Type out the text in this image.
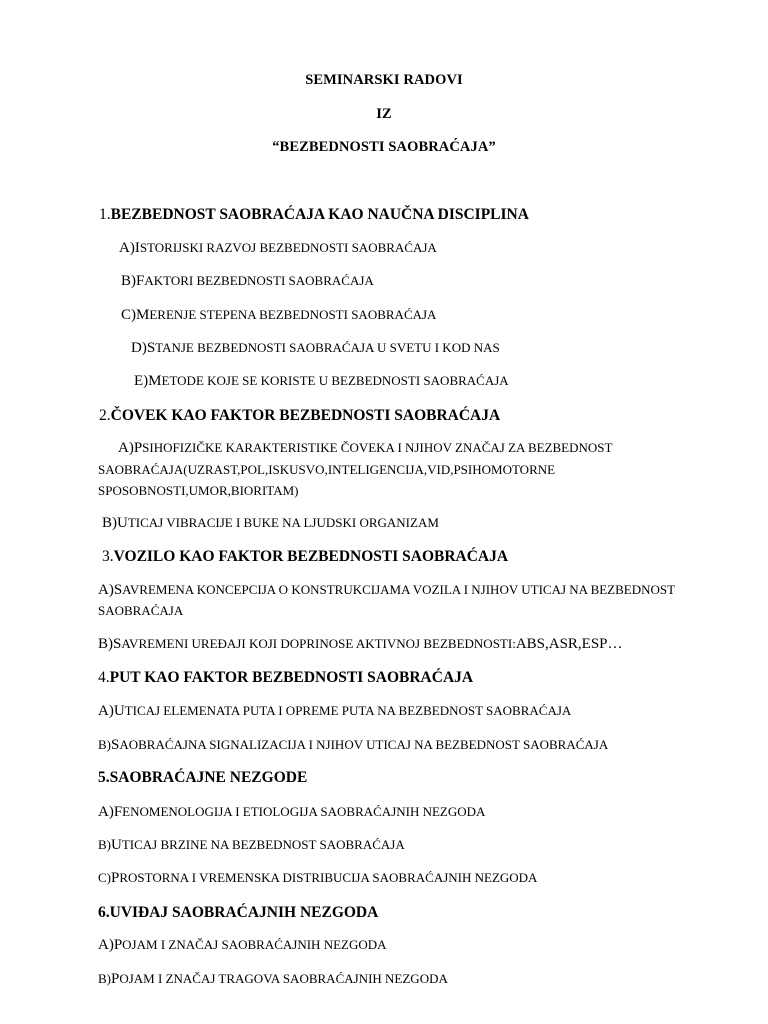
SEMINARSKI RADOVI
IZ
“BEZBEDNOSTI SAOBRAĆAJA”
1.BEZBEDNOST SAOBRAĆAJA KAO NAUČNA DISCIPLINA
A)ISTORIJSKI RAZVOJ BEZBEDNOSTI SAOBRAĆAJA
B)FAKTORI BEZBEDNOSTI SAOBRAĆAJA
C)MERENJE STEPENA BEZBEDNOSTI SAOBRAĆAJA
D)STANJE BEZBEDNOSTI SAOBRAĆAJA U SVETU I KOD NAS
E)METODE KOJE SE KORISTE U BEZBEDNOSTI SAOBRAĆAJA
2.ČOVEK KAO FAKTOR BEZBEDNOSTI SAOBRAĆAJA
A)PSIHOFIZIČKE KARAKTERISTIKE ČOVEKA I NJIHOV ZNAČAJ ZA BEZBEDNOST
SAOBRAĆAJA(UZRAST,POL,ISKUSVO,INTELIGENCIJA,VID,PSIHOMOTORNE
SPOSOBNOSTI,UMOR,BIORITAM)
B)UTICAJ VIBRACIJE I BUKE NA LJUDSKI ORGANIZAM
3.VOZILO KAO FAKTOR BEZBEDNOSTI SAOBRAĆAJA
A)SAVREMENA KONCEPCIJA O KONSTRUKCIJAMA VOZILA I NJIHOV UTICAJ NA BEZBEDNOST
SAOBRAĆAJA
B)SAVREMENI UREĐAJI KOJI DOPRINOSE AKTIVNOJ BEZBEDNOSTI:ABS,ASR,ESP…
4.PUT KAO FAKTOR BEZBEDNOSTI SAOBRAĆAJA
A)UTICAJ ELEMENATA PUTA I OPREME PUTA NA BEZBEDNOST SAOBRAĆAJA
B)SAOBRAĆAJNA SIGNALIZACIJA I NJIHOV UTICAJ NA BEZBEDNOST SAOBRAĆAJA
5.SAOBRAĆAJNE NEZGODE
A)FENOMENOLOGIJA I ETIOLOGIJA SAOBRAĆAJNIH NEZGODA
B)UTICAJ BRZINE NA BEZBEDNOST SAOBRAĆAJA
C)PROSTORNA I VREMENSKA DISTRIBUCIJA SAOBRAĆAJNIH NEZGODA
6.UVIĐAJ SAOBRAĆAJNIH NEZGODA
A)POJAM I ZNAČAJ SAOBRAĆAJNIH NEZGODA
B)POJAM I ZNAČAJ TRAGOVA SAOBRAĆAJNIH NEZGODA
